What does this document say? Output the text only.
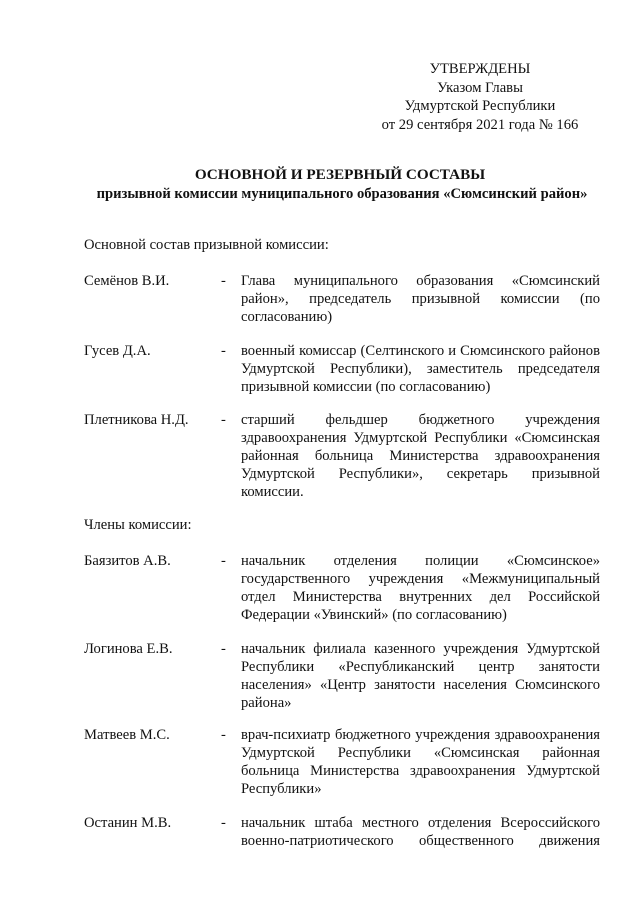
УТВЕРЖДЕНЫ
Указом Главы
Удмуртской Республики
от 29 сентября 2021 года № 166
ОСНОВНОЙ И РЕЗЕРВНЫЙ СОСТАВЫ
призывной комиссии муниципального образования «Сюмсинский район»
Основной состав призывной комиссии:
Семёнов В.И.	- Глава муниципального образования «Сюмсинский район», председатель призывной комиссии (по согласованию)
Гусев Д.А.	- военный комиссар (Селтинского и Сюмсинского районов Удмуртской Республики), заместитель председателя призывной комиссии (по согласованию)
Плетникова Н.Д. - старший фельдшер бюджетного учреждения здравоохранения Удмуртской Республики «Сюмсинская районная больница Министерства здравоохранения Удмуртской Республики», секретарь призывной комиссии.
Члены комиссии:
Баязитов А.В.	- начальник отделения полиции «Сюмсинское» государственного учреждения «Межмуниципальный отдел Министерства внутренних дел Российской Федерации «Увинский» (по согласованию)
Логинова Е.В.	- начальник филиала казенного учреждения Удмуртской Республики «Республиканский центр занятости населения» «Центр занятости населения Сюмсинского района»
Матвеев М.С.	- врач-психиатр бюджетного учреждения здравоохранения Удмуртской Республики «Сюмсинская районная больница Министерства здравоохранения Удмуртской Республики»
Останин М.В.	- начальник штаба местного отделения Всероссийского военно-патриотического общественного движения
